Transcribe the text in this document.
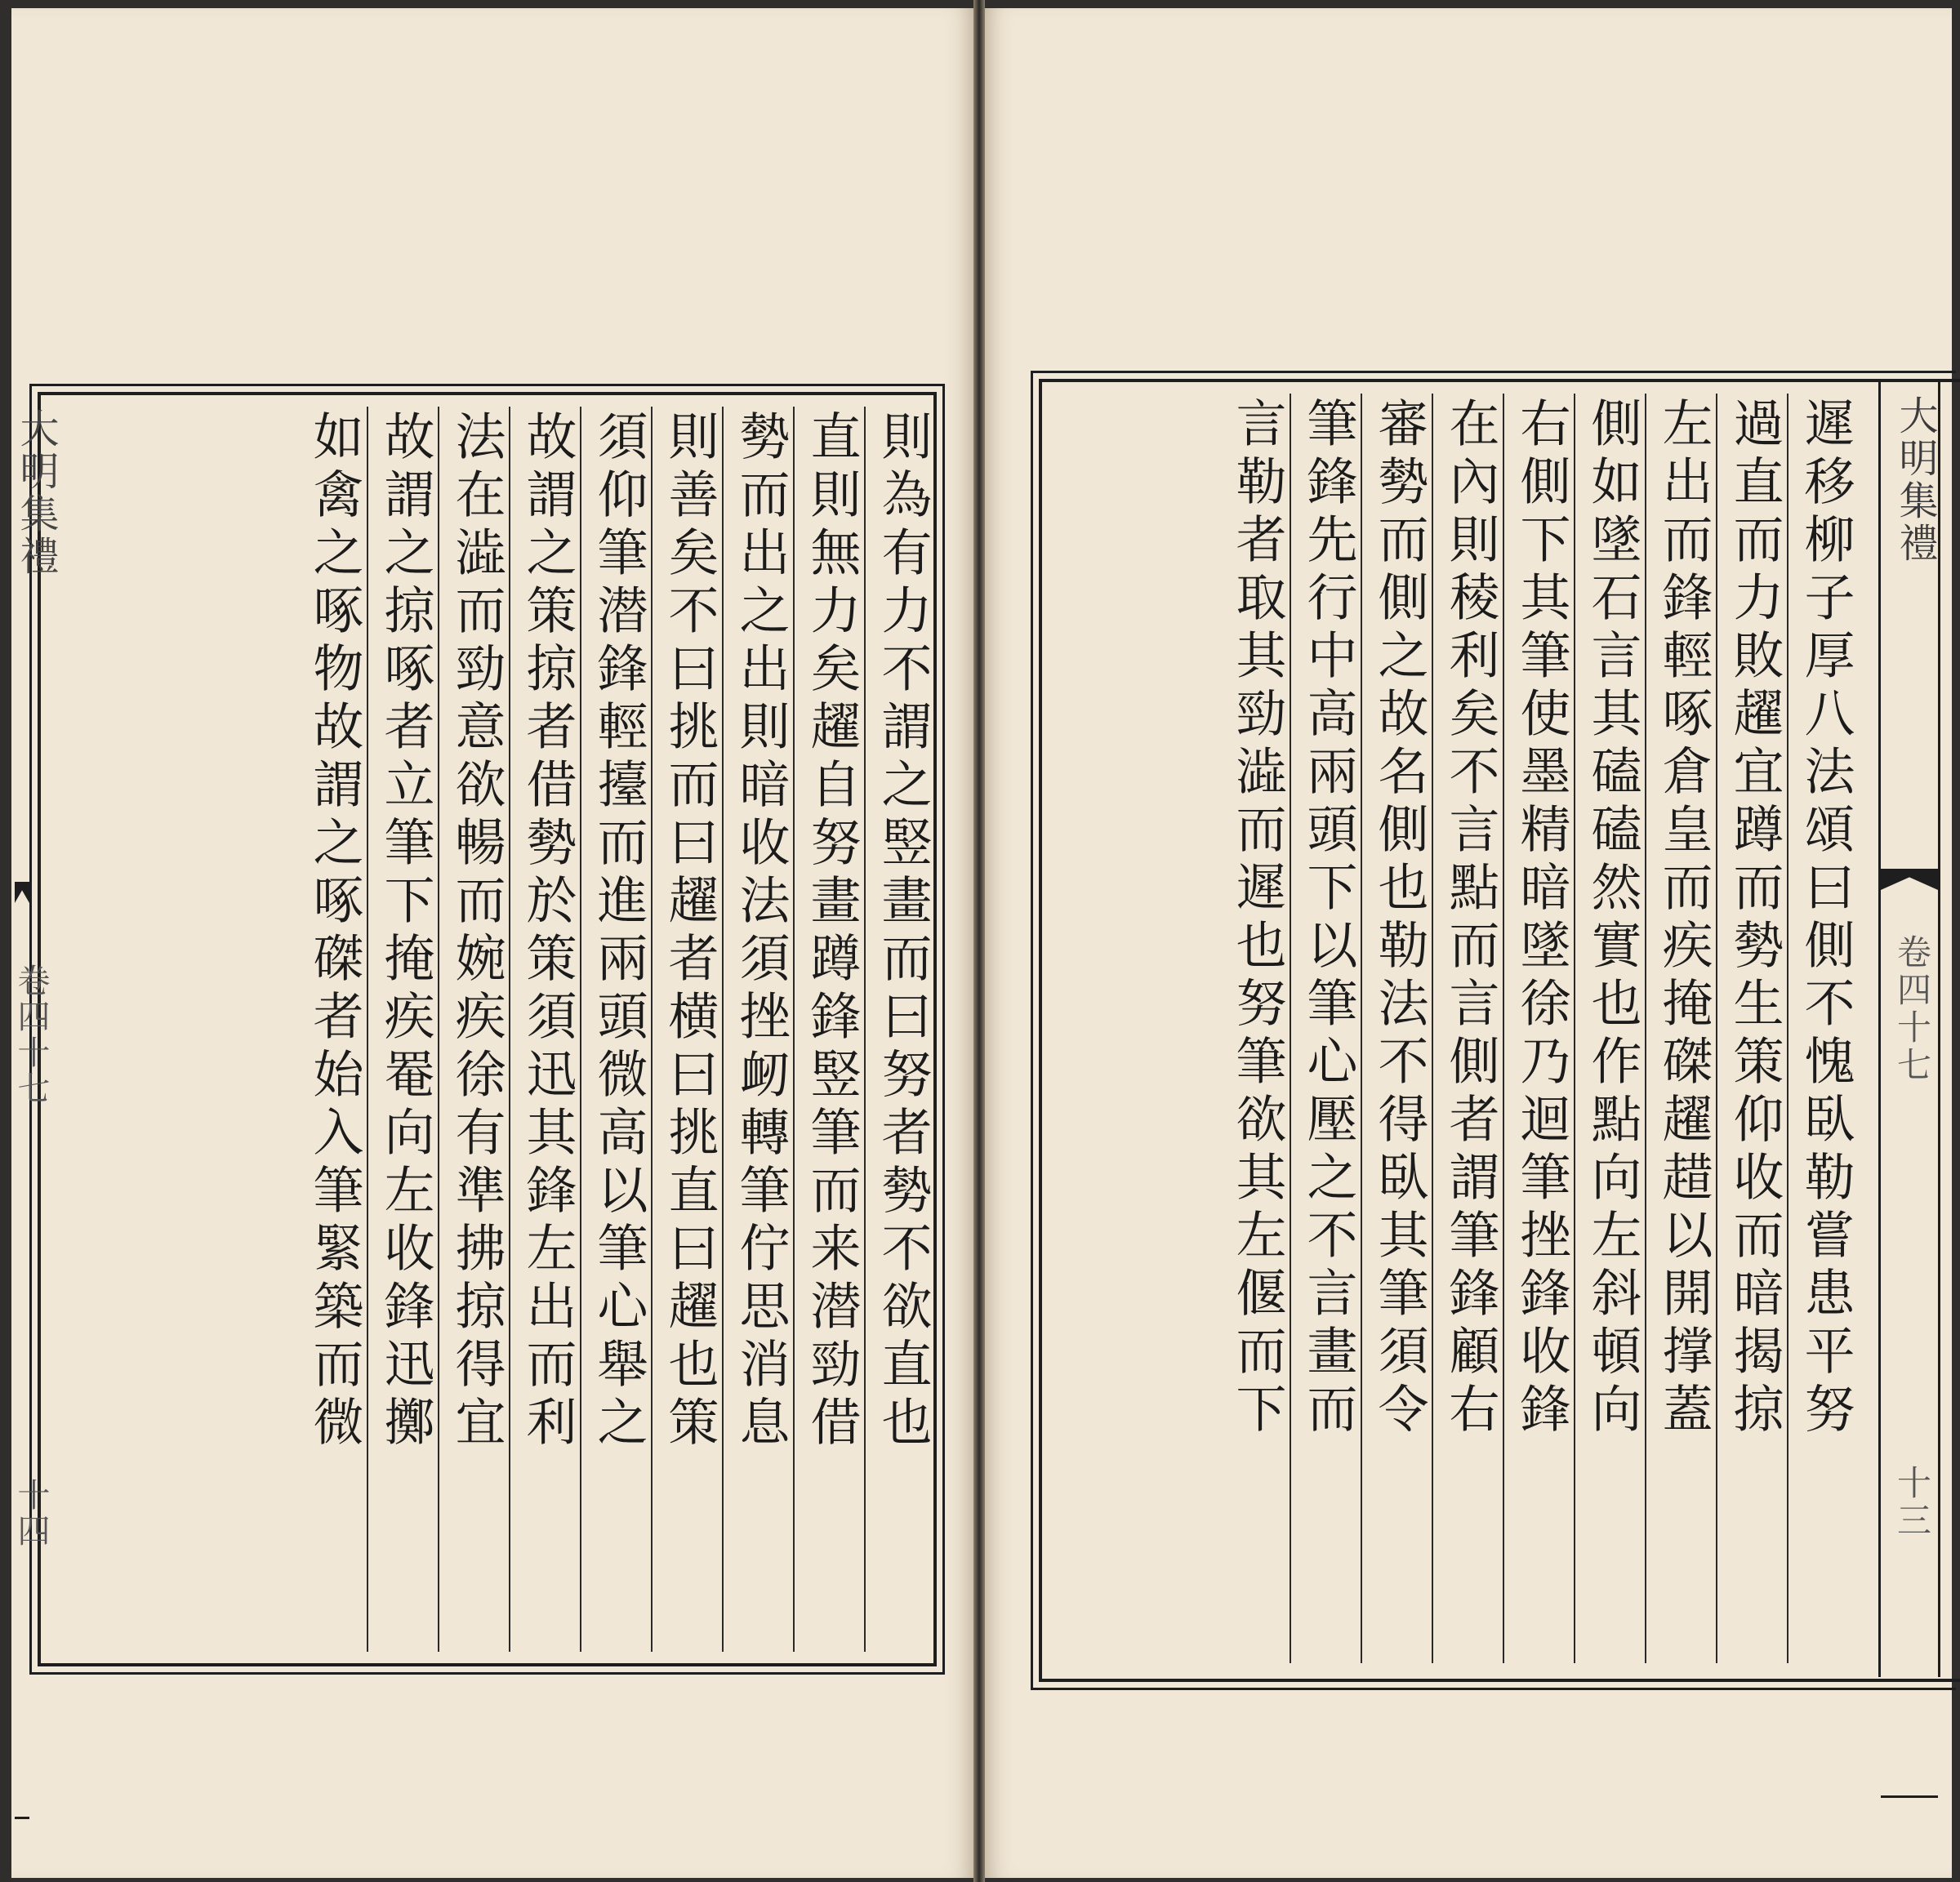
大明集禮
卷四十七
十四
大明集禮
卷四十七
十三
則為有力不謂之竪畫而曰努者勢不欲直也
直則無力矣趯自努畫蹲鋒竪筆而来潜勁借
勢而出之出則暗收法須挫衂轉筆佇思消息
則善矣不曰挑而曰趯者横曰挑直曰趯也策
須仰筆潜鋒輕擡而進兩頭微高以筆心舉之
故謂之策掠者借勢於策須迅其鋒左出而利
法在澁而勁意欲暢而婉疾徐有準拂掠得宜
故謂之掠啄者立筆下掩疾罨向左收鋒迅擲
如禽之啄物故謂之啄磔者始入筆緊築而微	遲移柳子厚八法頌曰側不愧臥勒嘗患平努
過直而力敗趯宜蹲而勢生策仰收而暗揭掠
左出而鋒輕啄倉皇而疾掩磔趯趞以開撑蓋
側如墜石言其磕磕然實也作點向左斜頓向
右側下其筆使墨精暗墜徐乃迴筆挫鋒收鋒
在內則稜利矣不言點而言側者謂筆鋒顧右
審勢而側之故名側也勒法不得臥其筆須令
筆鋒先行中高兩頭下以筆心壓之不言畫而
言勒者取其勁澁而遲也努筆欲其左偃而下
